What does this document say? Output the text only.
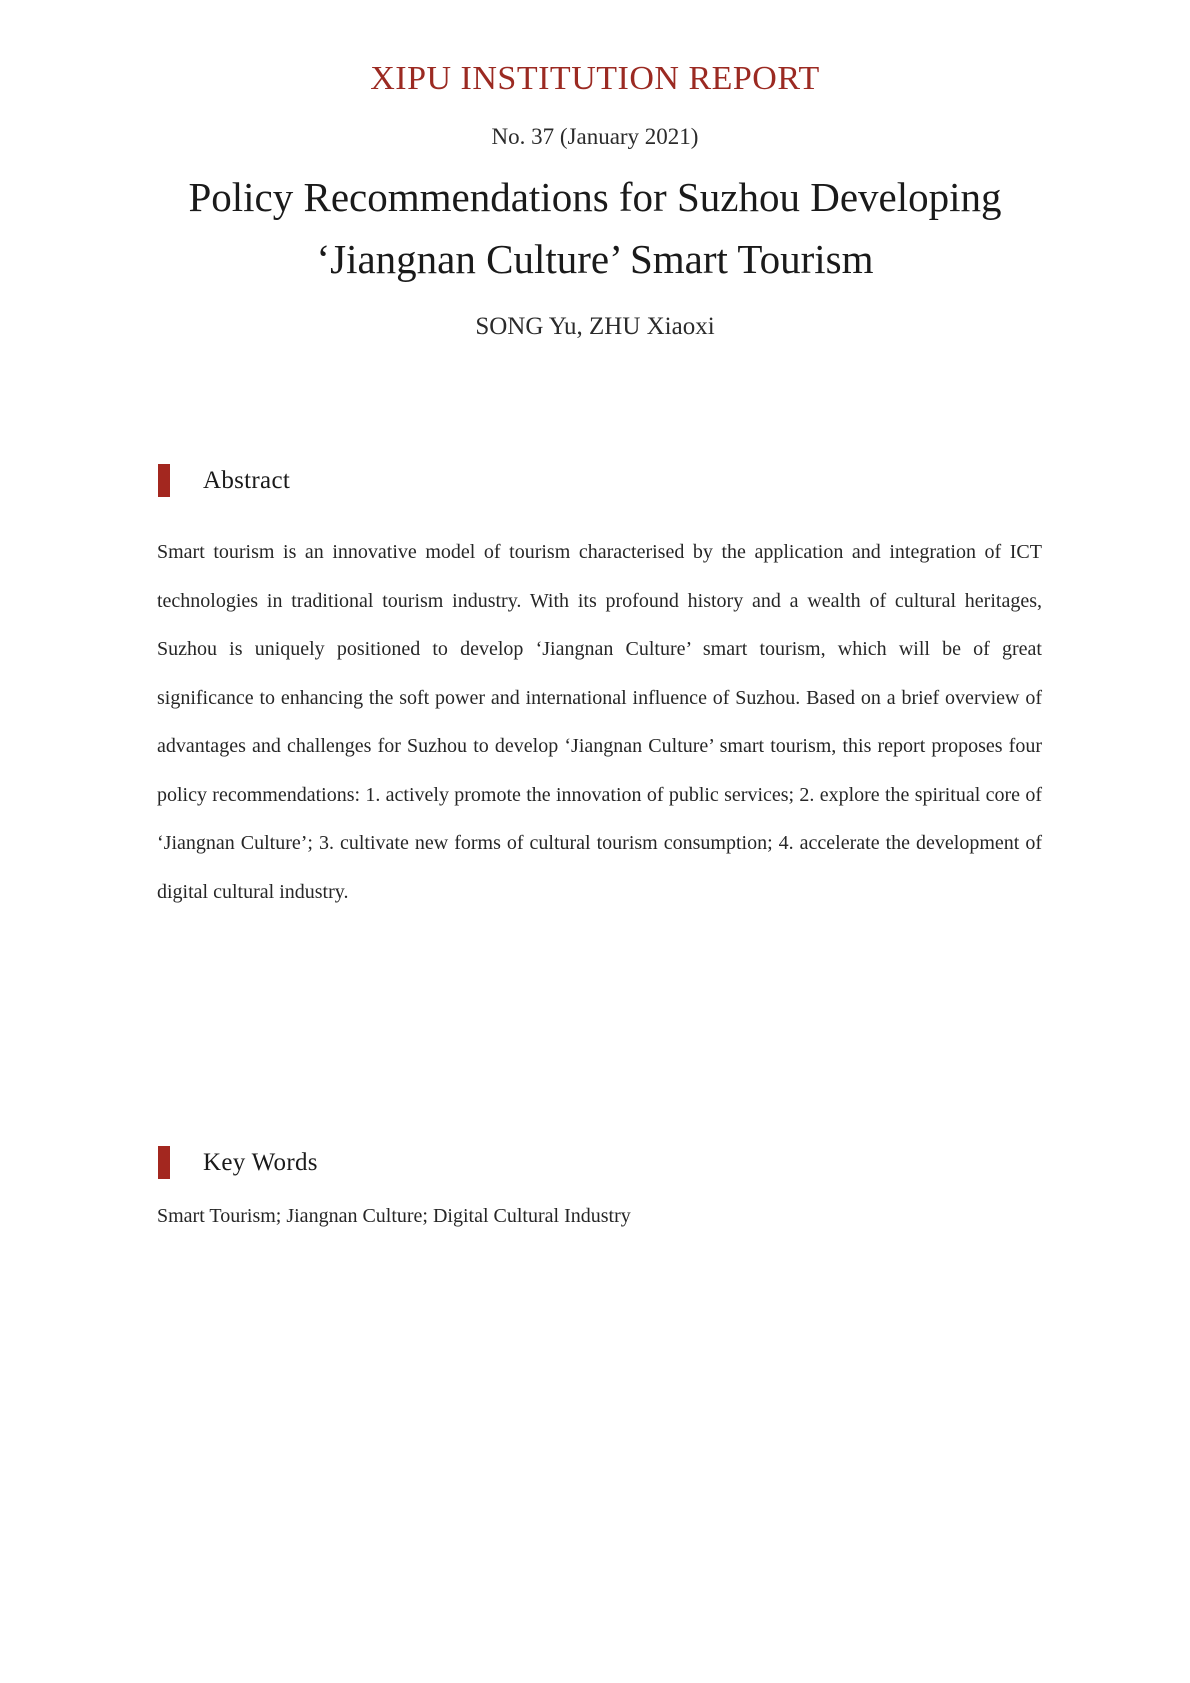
XIPU INSTITUTION REPORT
No. 37 (January 2021)
Policy Recommendations for Suzhou Developing
‘Jiangnan Culture’ Smart Tourism
SONG Yu, ZHU Xiaoxi
Abstract

Smart tourism is an innovative model of tourism characterised by the application and integration of ICT technologies in traditional tourism industry. With its profound history and a wealth of cultural heritages, Suzhou is uniquely positioned to develop ‘Jiangnan Culture’ smart tourism, which will be of great significance to enhancing the soft power and international influence of Suzhou. Based on a brief overview of advantages and challenges for Suzhou to develop ‘Jiangnan Culture’ smart tourism, this report proposes four policy recommendations: 1. actively promote the innovation of public services; 2. explore the spiritual core of ‘Jiangnan Culture’; 3. cultivate new forms of cultural tourism consumption; 4. accelerate the development of digital cultural industry.

Key Words

Smart Tourism; Jiangnan Culture; Digital Cultural Industry
